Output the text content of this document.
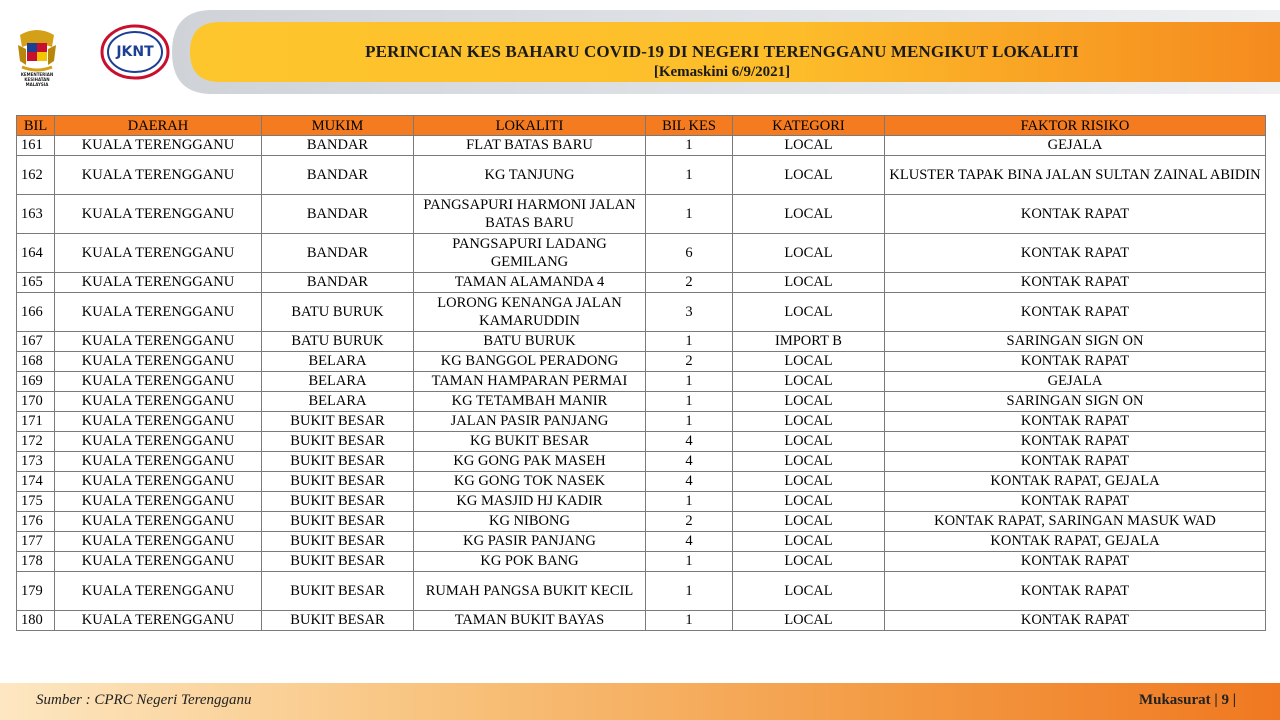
KEMENTERIAN KESIHATAN MALAYSIA
JKNT	PERINCIAN KES BAHARU COVID-19 DI NEGERI TERENGGANU MENGIKUT LOKALITI
[Kemaskini 6/9/2021]
BIL	DAERAH	MUKIM	LOKALITI	BIL KES	KATEGORI	FAKTOR RISIKO
161	KUALA TERENGGANU	BANDAR	FLAT BATAS BARU	1	LOCAL	GEJALA
162	KUALA TERENGGANU	BANDAR	KG TANJUNG	1	LOCAL	KLUSTER TAPAK BINA JALAN SULTAN ZAINAL ABIDIN
163	KUALA TERENGGANU	BANDAR	PANGSAPURI HARMONI JALAN BATAS BARU	1	LOCAL	KONTAK RAPAT
164	KUALA TERENGGANU	BANDAR	PANGSAPURI LADANG GEMILANG	6	LOCAL	KONTAK RAPAT
165	KUALA TERENGGANU	BANDAR	TAMAN ALAMANDA 4	2	LOCAL	KONTAK RAPAT
166	KUALA TERENGGANU	BATU BURUK	LORONG KENANGA JALAN KAMARUDDIN	3	LOCAL	KONTAK RAPAT
167	KUALA TERENGGANU	BATU BURUK	BATU BURUK	1	IMPORT B	SARINGAN SIGN ON
168	KUALA TERENGGANU	BELARA	KG BANGGOL PERADONG	2	LOCAL	KONTAK RAPAT
169	KUALA TERENGGANU	BELARA	TAMAN HAMPARAN PERMAI	1	LOCAL	GEJALA
170	KUALA TERENGGANU	BELARA	KG TETAMBAH MANIR	1	LOCAL	SARINGAN SIGN ON
171	KUALA TERENGGANU	BUKIT BESAR	JALAN PASIR PANJANG	1	LOCAL	KONTAK RAPAT
172	KUALA TERENGGANU	BUKIT BESAR	KG BUKIT BESAR	4	LOCAL	KONTAK RAPAT
173	KUALA TERENGGANU	BUKIT BESAR	KG GONG PAK MASEH	4	LOCAL	KONTAK RAPAT
174	KUALA TERENGGANU	BUKIT BESAR	KG GONG TOK NASEK	4	LOCAL	KONTAK RAPAT, GEJALA
175	KUALA TERENGGANU	BUKIT BESAR	KG MASJID HJ KADIR	1	LOCAL	KONTAK RAPAT
176	KUALA TERENGGANU	BUKIT BESAR	KG NIBONG	2	LOCAL	KONTAK RAPAT, SARINGAN MASUK WAD
177	KUALA TERENGGANU	BUKIT BESAR	KG PASIR PANJANG	4	LOCAL	KONTAK RAPAT, GEJALA
178	KUALA TERENGGANU	BUKIT BESAR	KG POK BANG	1	LOCAL	KONTAK RAPAT
179	KUALA TERENGGANU	BUKIT BESAR	RUMAH PANGSA BUKIT KECIL	1	LOCAL	KONTAK RAPAT
180	KUALA TERENGGANU	BUKIT BESAR	TAMAN BUKIT BAYAS	1	LOCAL	KONTAK RAPAT
Sumber : CPRC Negeri Terengganu	Mukasurat | 9 |
